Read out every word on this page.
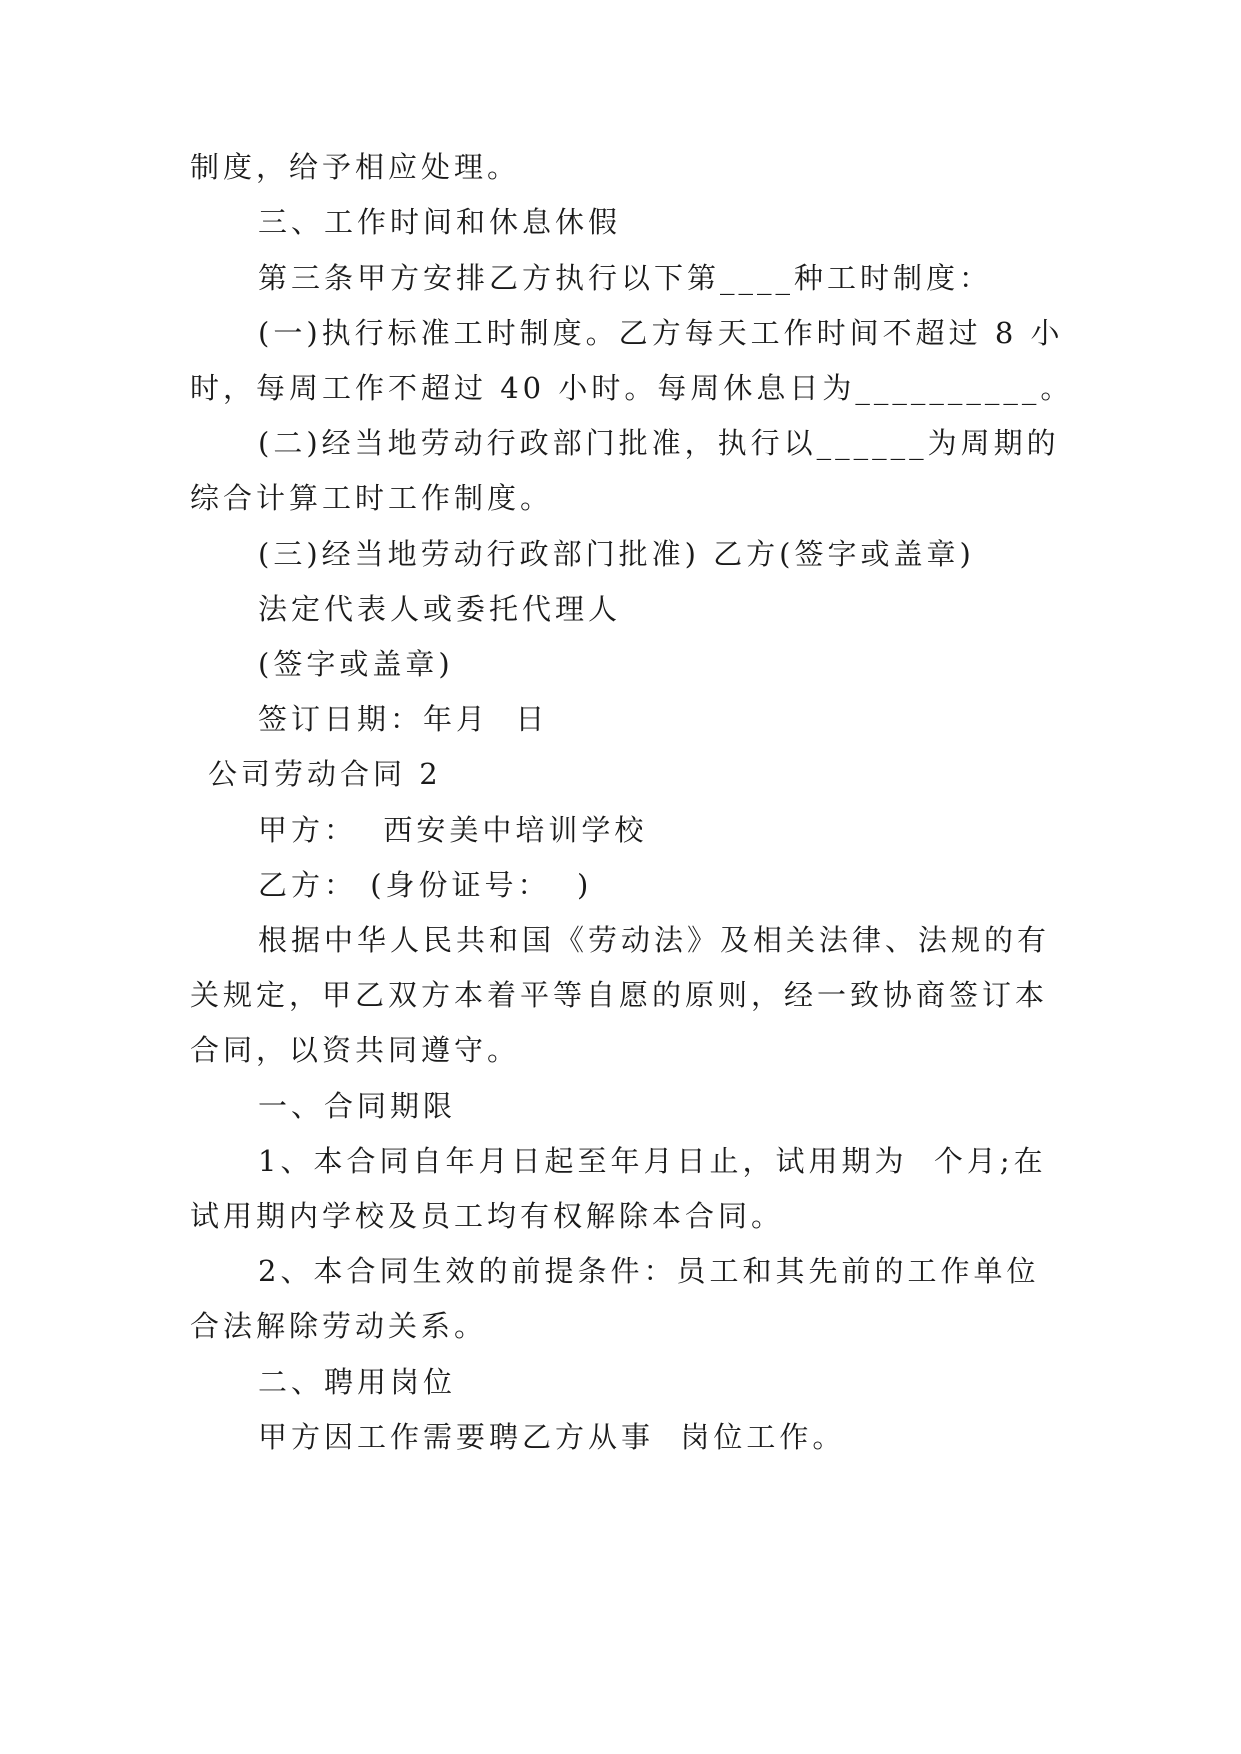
制度，给予相应处理。
三、工作时间和休息休假
第三条甲方安排乙方执行以下第____种工时制度：
(一)执行标准工时制度。乙方每天工作时间不超过 8 小
时，每周工作不超过 40 小时。每周休息日为__________。
(二)经当地劳动行政部门批准，执行以______为周期的
综合计算工时工作制度。
(三)经当地劳动行政部门批准) 乙方(签字或盖章)
法定代表人或委托代理人
(签字或盖章)
签订日期：年月  日
公司劳动合同 2
甲方：  西安美中培训学校
乙方： (身份证号：  )
根据中华人民共和国《劳动法》及相关法律、法规的有
关规定，甲乙双方本着平等自愿的原则，经一致协商签订本
合同，以资共同遵守。
一、合同期限
1、本合同自年月日起至年月日止，试用期为  个月;在
试用期内学校及员工均有权解除本合同。
2、本合同生效的前提条件：员工和其先前的工作单位
合法解除劳动关系。
二、聘用岗位
甲方因工作需要聘乙方从事  岗位工作。
